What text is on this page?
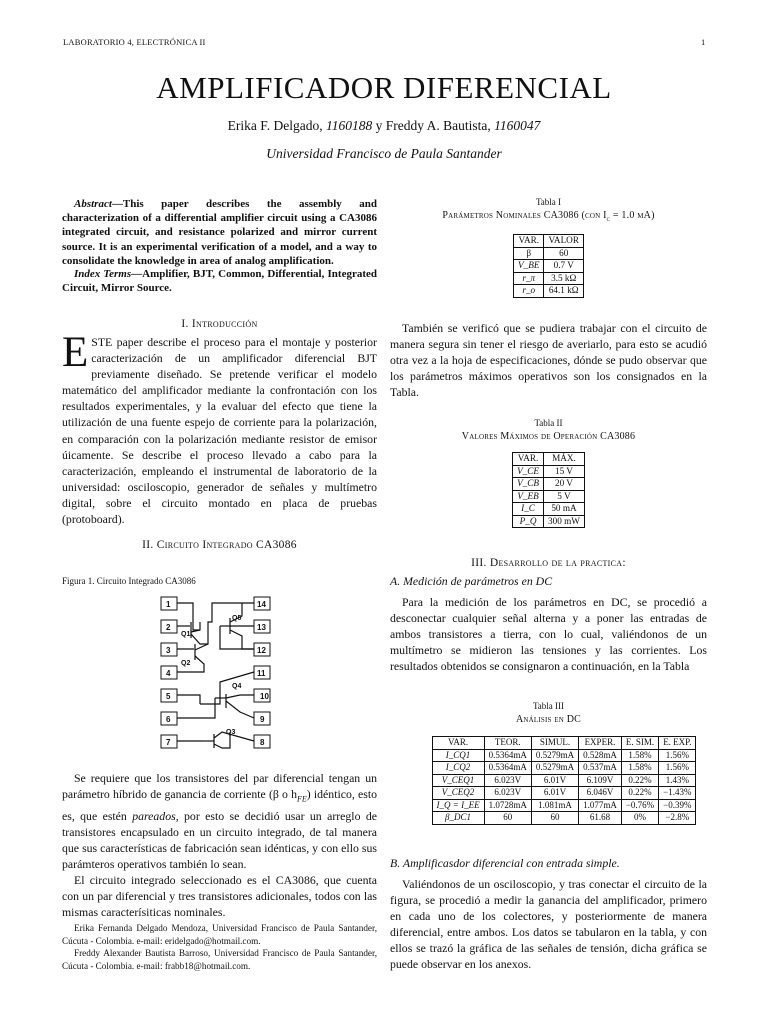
LABORATORIO 4, ELECTRÓNICA II	1
AMPLIFICADOR DIFERENCIAL
Erika F. Delgado, 1160188 y Freddy A. Bautista, 1160047
Universidad Francisco de Paula Santander
Abstract—This paper describes the assembly and characterization of a differential amplifier circuit using a CA3086 integrated circuit, and resistance polarized and mirror current source. It is an experimental verification of a model, and a way to consolidate the knowledge in area of analog amplification.
Index Terms—Amplifier, BJT, Common, Differential, Integrated Circuit, Mirror Source.
I. Introducción
ESTE paper describe el proceso para el montaje y posterior caracterización de un amplificador diferencial BJT previamente diseñado. Se pretende verificar el modelo matemático del amplificador mediante la confrontación con los resultados experimentales, y la evaluar del efecto que tiene la utilización de una fuente espejo de corriente para la polarización, en comparación con la polarización mediante resistor de emisor úicamente. Se describe el proceso llevado a cabo para la caracterización, empleando el instrumental de laboratorio de la universidad: osciloscopio, generador de señales y multímetro digital, sobre el circuito montado en placa de pruebas (protoboard).
II. Circuito Integrado CA3086
Figura 1. Circuito Integrado CA3086
1
2
3
4
5
6
7
14
13
12
11
10
9
8
Q1
Q2
Q3
Q4
Q5

Se requiere que los transistores del par diferencial tengan un parámetro híbrido de ganancia de corriente (β o $h_{FE}$) idéntico, esto es, que estén pareados, por esto se decidió usar un arreglo de transistores encapsulado en un circuito integrado, de tal manera que sus características de fabricación sean idénticas, y con ello sus parámteros operativos también lo sean.

El circuito integrado seleccionado es el CA3086, que cuenta con un par diferencial y tres transistores adicionales, todos con las mismas caracterísiticas nominales.

Erika Fernanda Delgado Mendoza, Universidad Francisco de Paula Santander, Cúcuta - Colombia. e-mail: eridelgado@hotmail.com.

Freddy Alexander Bautista Barroso, Universidad Francisco de Paula Santander, Cúcuta - Colombia. e-mail: frabb18@hotmail.com.

Tabla I
Parámetros Nominales CA3086 (con $I_c = 1.0$ mA)
VAR.	VALOR
β	60
V_BE	0.7 V
r_π	3.5 kΩ
r_o	64.1 kΩ

También se verificó que se pudiera trabajar con el circuito de manera segura sin tener el riesgo de averiarlo, para esto se acudió otra vez a la hoja de especificaciones, dónde se pudo observar que los parámetros máximos operativos son los consignados en la Tabla.

Tabla II
Valores Máximos de Operación CA3086
VAR.	MÁX.
V_CE	15 V
V_CB	20 V
V_EB	5 V
I_C	50 mA
P_Q	300 mW
III. Desarrollo de la practica:
A. Medición de parámetros en DC

Para la medición de los parámetros en DC, se procedió a desconectar cualquier señal alterna y a poner las entradas de ambos transistores a tierra, con lo cual, valiéndonos de un multímetro se midieron las tensiones y las corrientes. Los resultados obtenidos se consignaron a continuación, en la Tabla

Tabla III
Análisis en DC
VAR.	TEOR.	SIMUL.	EXPER.	E. SIM.	E. EXP.
I_CQ1	0.5364mA	0.5279mA	0.528mA	1.58%	1.56%
I_CQ2	0.5364mA	0.5279mA	0.537mA	1.58%	1.56%
V_CEQ1	6.023V	6.01V	6.109V	0.22%	1.43%
V_CEQ2	6.023V	6.01V	6.046V	0.22%	−1.43%
I_Q = I_EE	1.0728mA	1.081mA	1.077mA	−0.76%	−0.39%
β_DC1	60	60	61.68	0%	−2.8%
B. Amplificasdor diferencial con entrada simple.

Valiéndonos de un osciloscopio, y tras conectar el circuito de la figura, se procedió a medir la ganancia del amplificador, primero en cada uno de los colectores, y posteriormente de manera diferencial, entre ambos. Los datos se tabularon en la tabla, y con ellos se trazó la gráfica de las señales de tensión, dicha gráfica se puede observar en los anexos.
